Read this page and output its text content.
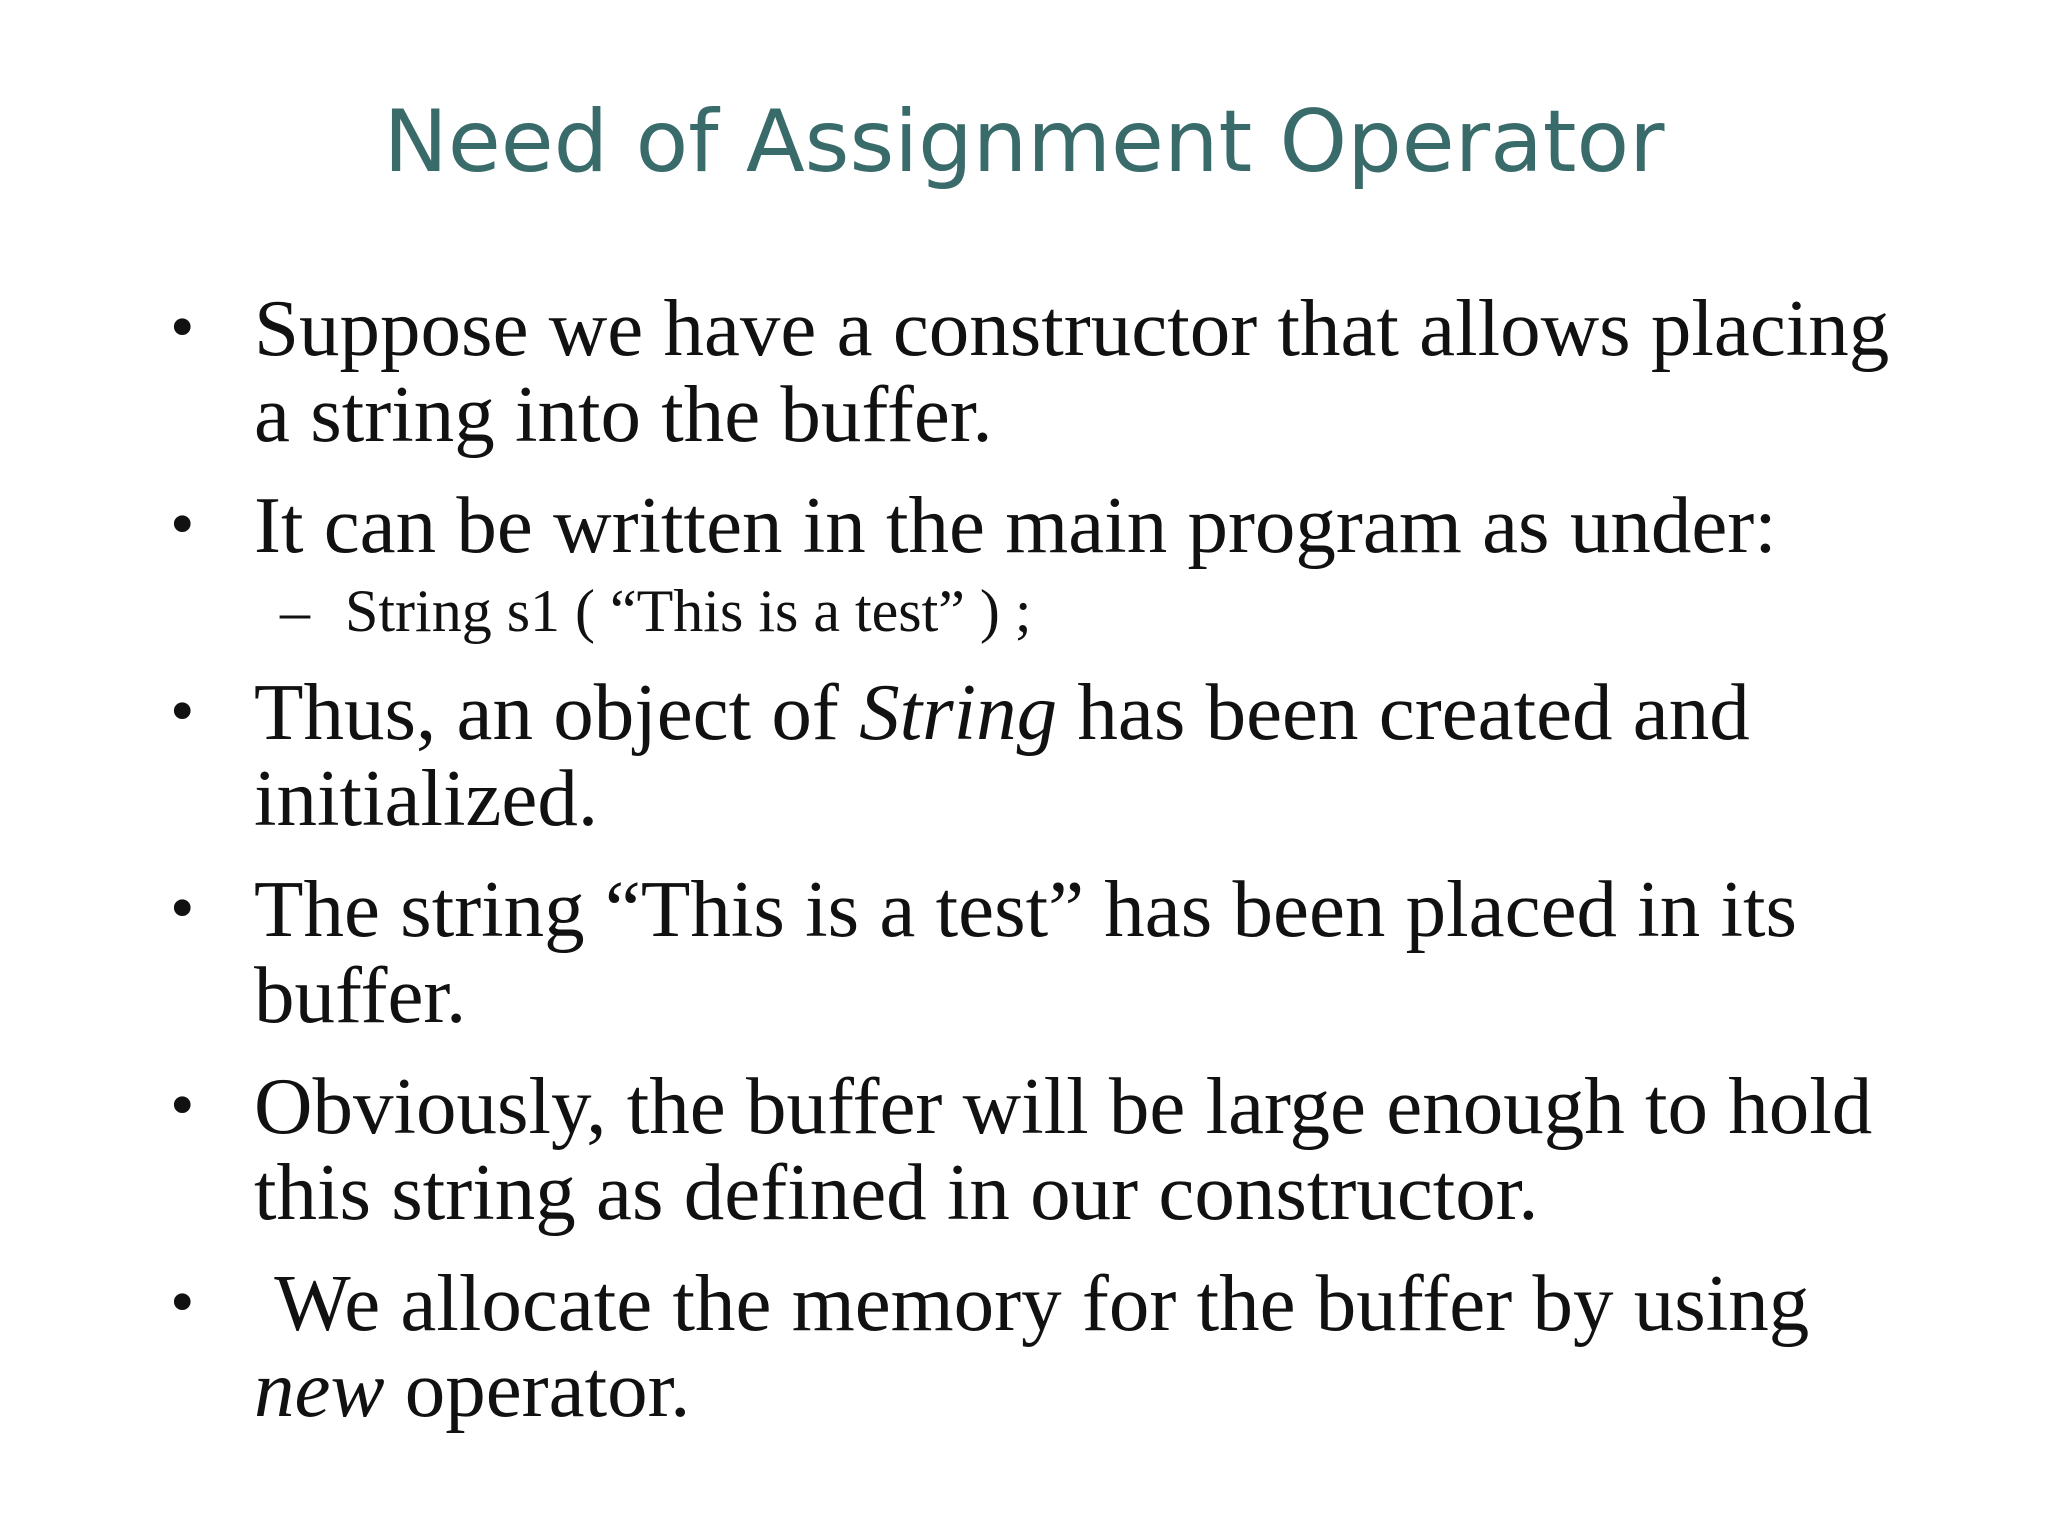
Need of Assignment Operator
• Suppose we have a constructor that allows placing a string into the buffer.
• It can be written in the main program as under:
– String s1 ( “This is a test” ) ;
• Thus, an object of String has been created and initialized.
• The string “This is a test” has been placed in its buffer.
• Obviously, the buffer will be large enough to hold this string as defined in our constructor.
• We allocate the memory for the buffer by using new operator.
